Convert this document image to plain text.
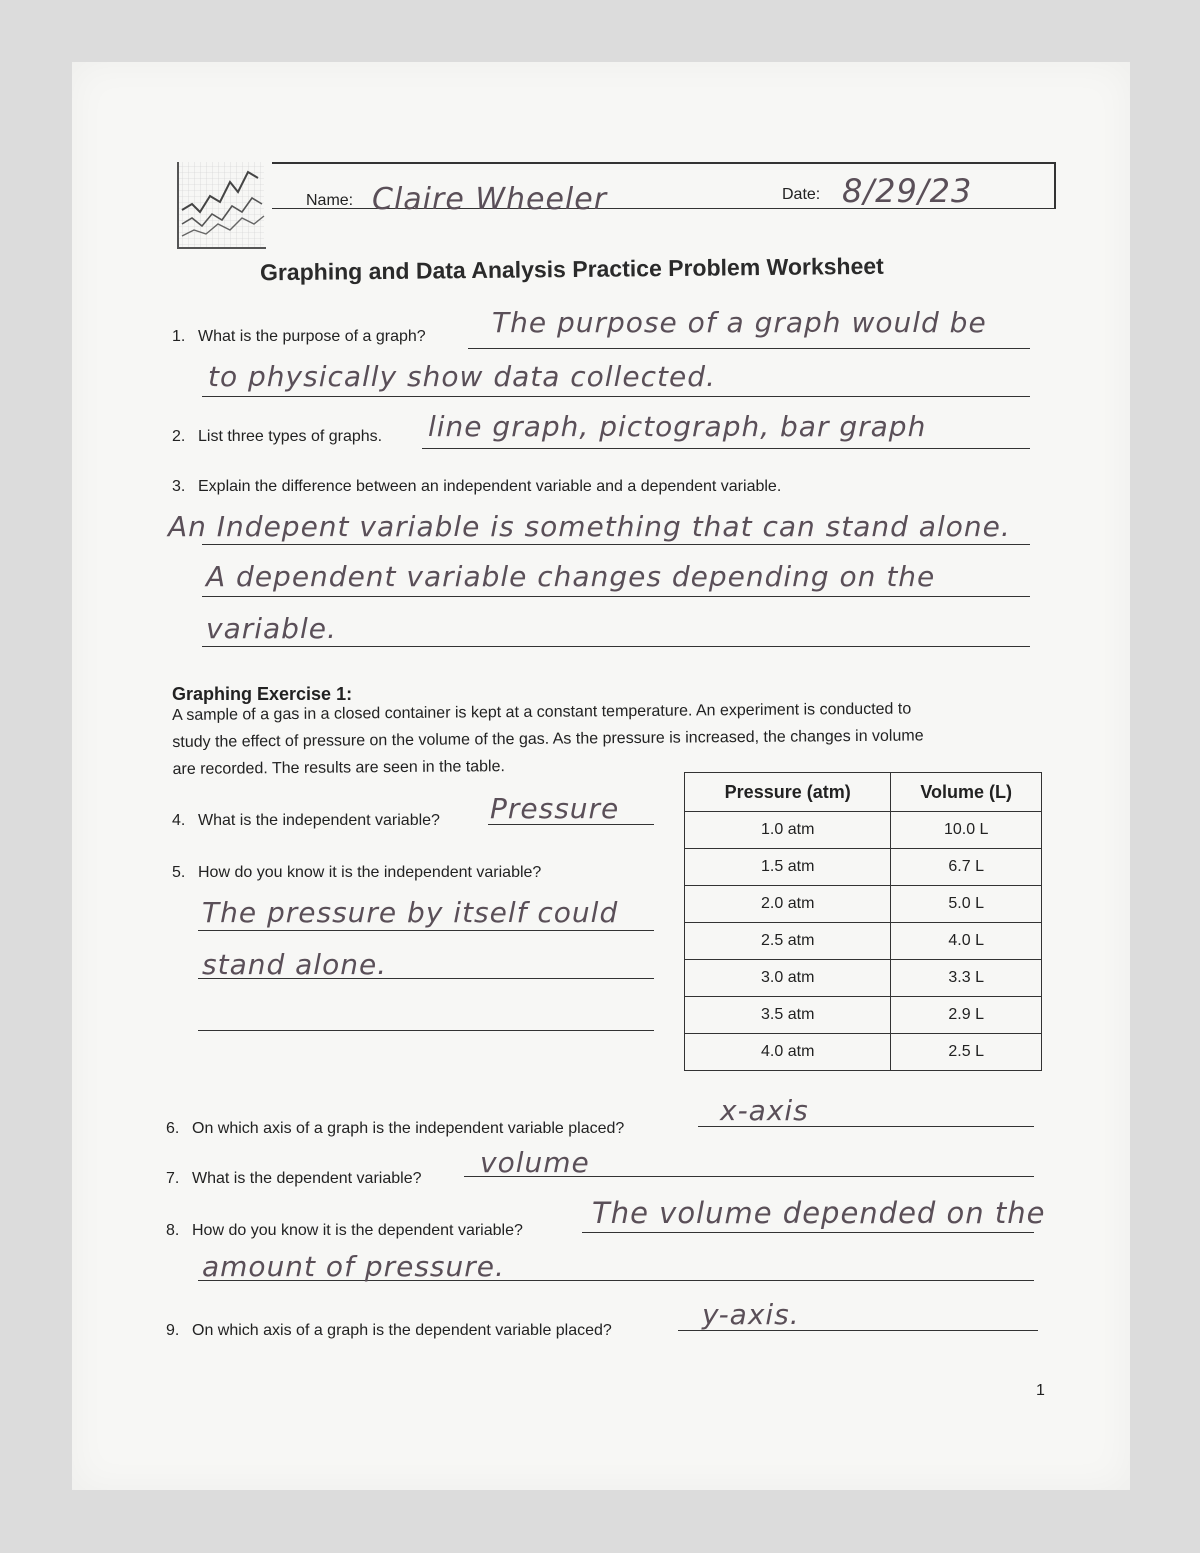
Name: Claire Wheeler	Date: 8/29/23
Graphing and Data Analysis Practice Problem Worksheet
1. What is the purpose of a graph? The purpose of a graph would be
to physically show data collected.
2. List three types of graphs. line graph, pictograph, bar graph
3. Explain the difference between an independent variable and a dependent variable.
An Indepent variable is something that can stand alone.
A dependent variable changes depending on the
variable.
Graphing Exercise 1:
A sample of a gas in a closed container is kept at a constant temperature. An experiment is conducted to
study the effect of pressure on the volume of the gas. As the pressure is increased, the changes in volume
are recorded. The results are seen in the table.
Pressure (atm)	Volume (L)
1.0 atm	10.0 L
1.5 atm	6.7 L
2.0 atm	5.0 L
2.5 atm	4.0 L
3.0 atm	3.3 L
3.5 atm	2.9 L
4.0 atm	2.5 L
4. What is the independent variable? Pressure
5. How do you know it is the independent variable?
The pressure by itself could
stand alone.
6. On which axis of a graph is the independent variable placed?
x-axis
7. What is the dependent variable? volume
8. How do you know it is the dependent variable?
The volume depended on the
amount of pressure.
9. On which axis of a graph is the dependent variable placed?	y-axis.
1
